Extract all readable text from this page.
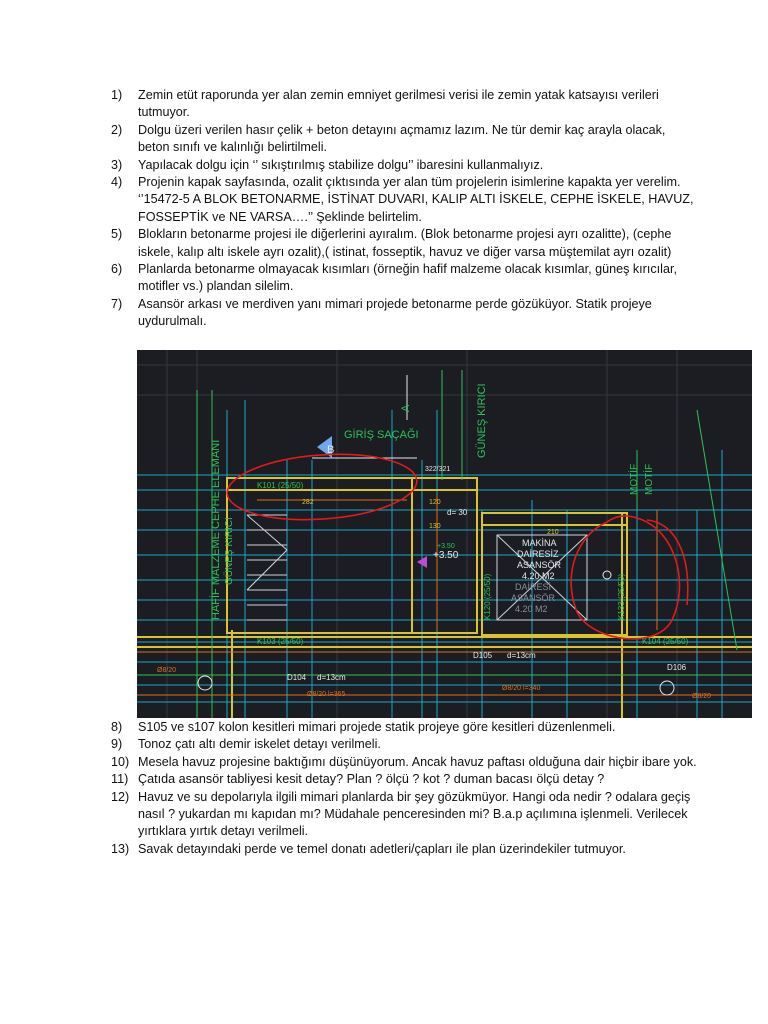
1)	Zemin etüt raporunda yer alan zemin emniyet gerilmesi verisi ile zemin yatak katsayısı verileri tutmuyor.
2)	Dolgu üzeri verilen hasır çelik + beton detayını açmamız lazım. Ne tür demir kaç arayla olacak, beton sınıfı ve kalınlığı belirtilmeli.
3)	Yapılacak dolgu için ‘’ sıkıştırılmış stabilize dolgu’’ ibaresini kullanmalıyız.
4)	Projenin kapak sayfasında, ozalit çıktısında yer alan tüm projelerin isimlerine kapakta yer verelim. ‘’15472-5 A BLOK BETONARME, İSTİNAT DUVARI, KALIP ALTI İSKELE, CEPHE İSKELE, HAVUZ, FOSSEPTİK ve NE VARSA….’’ Şeklinde belirtelim.
5)	Blokların betonarme projesi ile diğerlerini ayıralım. (Blok betonarme projesi ayrı ozalitte), (cephe iskele, kalıp altı iskele ayrı ozalit),( istinat, fosseptik, havuz ve diğer varsa müştemilat ayrı ozalit)
6)	Planlarda betonarme olmayacak kısımları (örneğin hafif malzeme olacak kısımlar, güneş kırıcılar, motifler vs.) plandan silelim.
7)	Asansör arkası ve merdiven yanı mimari projede betonarme perde gözüküyor. Statik projeye uydurulmalı.
GİRİŞ SAÇAĞI	GÜNEŞ KIRICI
HAFİF MALZEME CEPHE ELEMANI GÜNEŞ KIRICI
MOTİF MOTİF
B
A
322/321
MAKİNA
DAİRESİZ
ASANSÖR
4.20 M2
DAİRESİ
ASANSÖR
4.20 M2
+3.50
+3.50
K101 (25/50)
K103 (25/50)	K104 (25/50)
K120 (25/50)	K133 (25/50)
D105
D104
D106
d=13cm
d=13cm
d= 30
Ø8/20 l=365
Ø8/20 l=340
Ø8/20
Ø8/20
120
130
210
282
8)	S105 ve s107 kolon kesitleri mimari projede statik projeye göre kesitleri düzenlenmeli.
9)	Tonoz çatı altı demir iskelet detayı verilmeli.
10) Mesela havuz projesine baktığımı düşünüyorum. Ancak havuz paftası olduğuna dair hiçbir ibare yok.
11) Çatıda asansör tabliyesi kesit detay? Plan ? ölçü ? kot ? duman bacası ölçü detay ?
12) Havuz ve su depolarıyla ilgili mimari planlarda bir şey gözükmüyor. Hangi oda nedir ? odalara geçiş nasıl ? yukardan mı kapıdan mı? Müdahale penceresinden mi? B.a.p açılımına işlenmeli. Verilecek yırtıklara yırtık detayı verilmeli.
13) Savak detayındaki perde ve temel donatı adetleri/çapları ile plan üzerindekiler tutmuyor.
